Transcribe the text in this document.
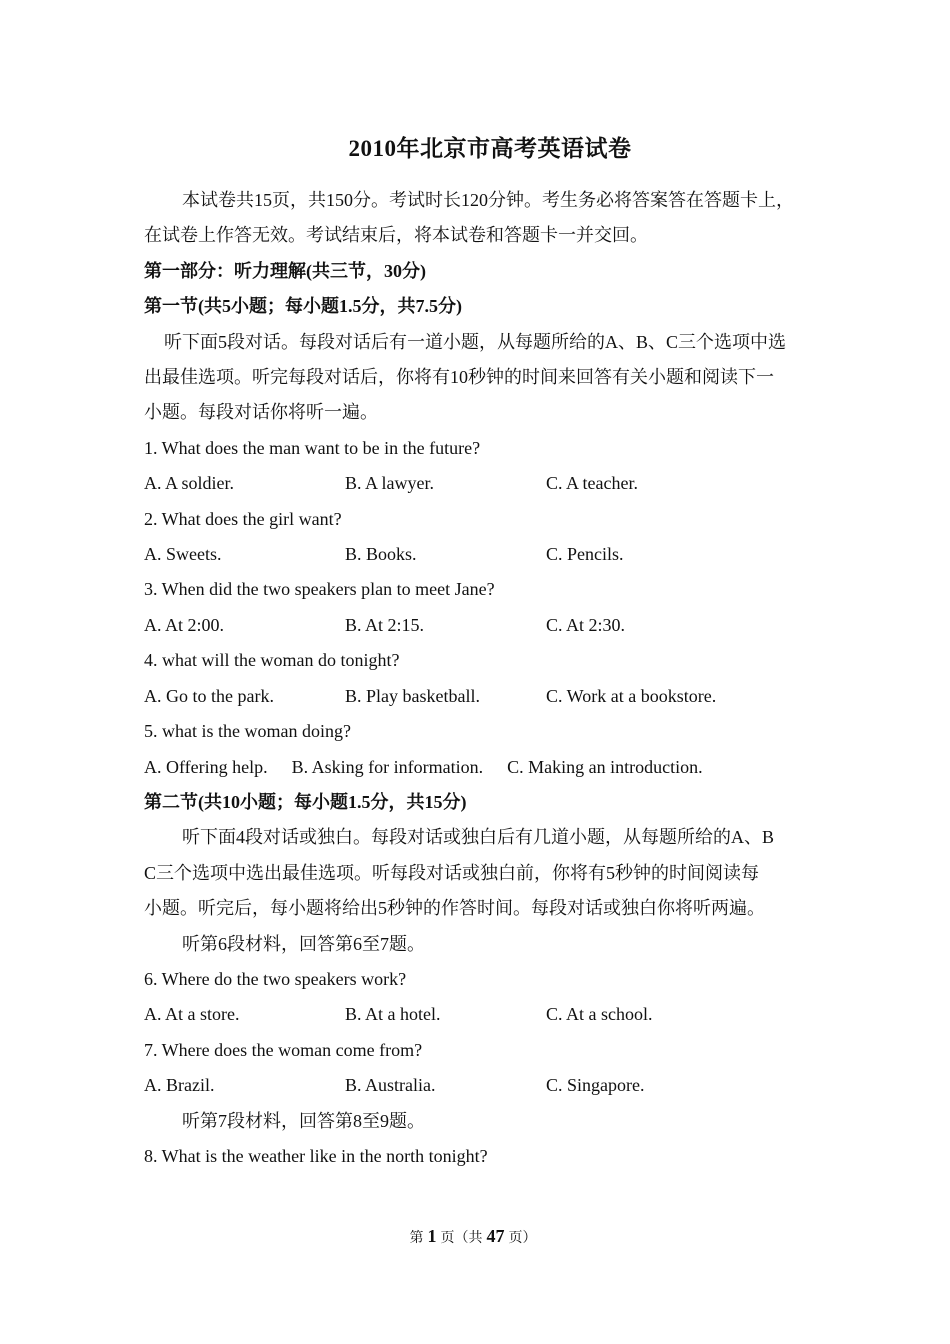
2010年北京市高考英语试卷
本试卷共15页，共150分。考试时长120分钟。考生务必将答案答在答题卡上，
在试卷上作答无效。考试结束后，将本试卷和答题卡一并交回。
第一部分：听力理解(共三节，30分)
第一节(共5小题；每小题1.5分，共7.5分)
听下面5段对话。每段对话后有一道小题，从每题所给的A、B、C三个选项中选
出最佳选项。听完每段对话后，你将有10秒钟的时间来回答有关小题和阅读下一
小题。每段对话你将听一遍。
1. What does the man want to be in the future?
A. A soldier.	B. A lawyer.	C. A teacher.
2. What does the girl want?
A. Sweets.	B. Books.	C. Pencils.
3. When did the two speakers plan to meet Jane?
A. At 2:00.	B. At 2:15.	C. At 2:30.
4. what will the woman do tonight?
A. Go to the park.	B. Play basketball.	C. Work at a bookstore.
5. what is the woman doing?
A. Offering help. B. Asking for information. C. Making an introduction.
第二节(共10小题；每小题1.5分，共15分)
听下面4段对话或独白。每段对话或独白后有几道小题，从每题所给的A、B
C三个选项中选出最佳选项。听每段对话或独白前，你将有5秒钟的时间阅读每
小题。听完后，每小题将给出5秒钟的作答时间。每段对话或独白你将听两遍。
听第6段材料，回答第6至7题。
6. Where do the two speakers work?
A. At a store.	B. At a hotel.	C. At a school.
7. Where does the woman come from?
A. Brazil.	B. Australia.	C. Singapore.
听第7段材料，回答第8至9题。
8. What is the weather like in the north tonight?
第 1 页（共 47 页）
